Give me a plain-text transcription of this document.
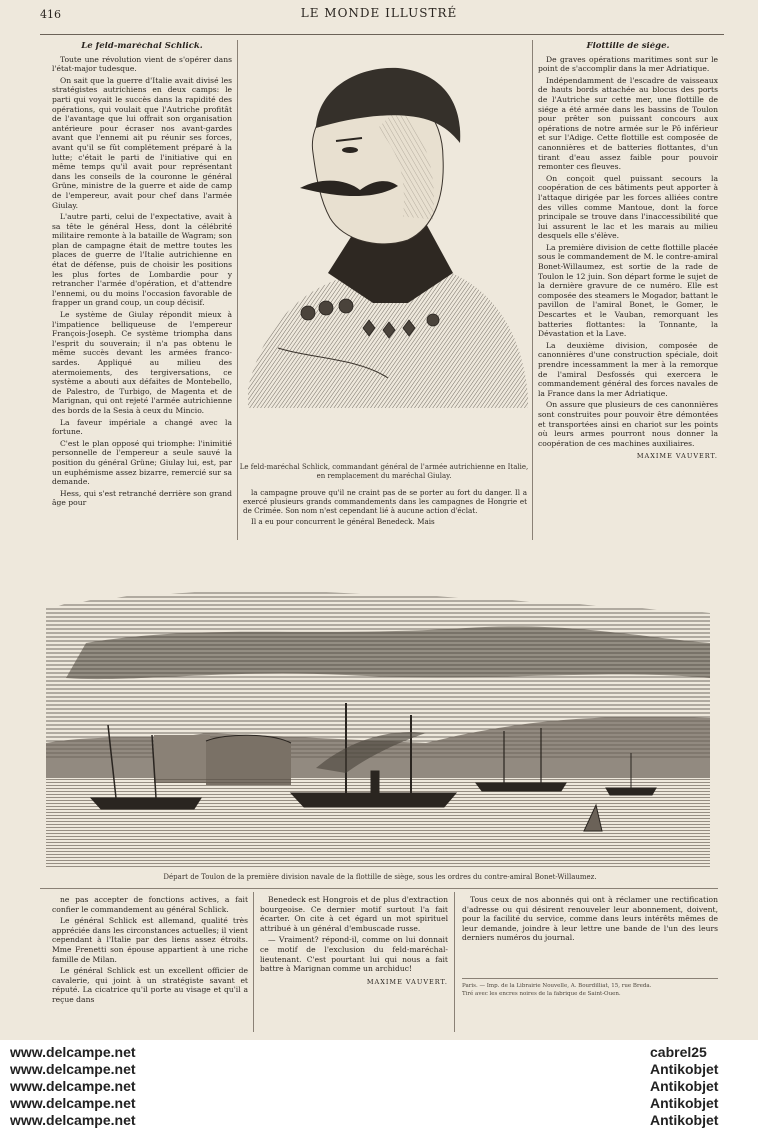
416	LE MONDE ILLUSTRÉ
Le feld-maréchal Schlick.

Toute une révolution vient de s'opérer dans l'état-major tudesque.

On sait que la guerre d'Italie avait divisé les stratégistes autrichiens en deux camps: le parti qui voyait le succès dans la rapidité des opérations, qui voulait que l'Autriche profitât de l'avantage que lui offrait son organisation antérieure pour écraser nos avant-gardes avant que l'ennemi ait pu réunir ses forces, avant qu'il se fût complétement préparé à la lutte; c'était le parti de l'initiative qui en même temps qu'il avait pour représentant dans les conseils de la couronne le général Grüne, ministre de la guerre et aide de camp de l'empereur, avait pour chef dans l'armée Giulay.

L'autre parti, celui de l'expectative, avait à sa tête le général Hess, dont la célébrité militaire remonte à la bataille de Wagram; son plan de campagne était de mettre toutes les places de guerre de l'Italie autrichienne en état de défense, puis de choisir les positions les plus fortes de Lombardie pour y retrancher l'armée d'opération, et d'attendre l'ennemi, ou du moins l'occasion favorable de frapper un grand coup, un coup décisif.

Le système de Giulay répondit mieux à l'impatience belliqueuse de l'empereur François-Joseph. Ce système triompha dans l'esprit du souverain; il n'a pas obtenu le même succès devant les armées franco-sardes. Appliqué au milieu des atermoiements, des tergiversations, ce système a abouti aux défaites de Montebello, de Palestro, de Turbigo, de Magenta et de Marignan, qui ont rejeté l'armée autrichienne des bords de la Sesia à ceux du Mincio.

La faveur impériale a changé avec la fortune.

C'est le plan opposé qui triomphe: l'inimitié personnelle de l'empereur a seule sauvé la position du général Grüne; Giulay lui, est, par un euphémisme assez bizarre, remercié sur sa demande.

Hess, qui s'est retranché derrière son grand âge pour

Le feld-maréchal Schlick, commandant général de l'armée autrichienne en Italie, en remplacement du maréchal Giulay.

la campagne prouve qu'il ne craint pas de se porter au fort du danger. Il a exercé plusieurs grands commandements dans les campagnes de Hongrie et de Crimée. Son nom n'est cependant lié à aucune action d'éclat.

Il a eu pour concurrent le général Benedeck. Mais

Flottille de siége.

De graves opérations maritimes sont sur le point de s'accomplir dans la mer Adriatique.

Indépendamment de l'escadre de vaisseaux de hauts bords attachée au blocus des ports de l'Autriche sur cette mer, une flottille de siége a été armée dans les bassins de Toulon pour prêter son puissant concours aux opérations de notre armée sur le Pô inférieur et sur l'Adige. Cette flottille est composée de canonnières et de batteries flottantes, d'un tirant d'eau assez faible pour pouvoir remonter ces fleuves.

On conçoit quel puissant secours la coopération de ces bâtiments peut apporter à l'attaque dirigée par les forces alliées contre des villes comme Mantoue, dont la force principale se trouve dans l'inaccessibilité que lui assurent le lac et les marais au milieu desquels elle s'élève.

La première division de cette flottille placée sous le commandement de M. le contre-amiral Bonet-Willaumez, est sortie de la rade de Toulon le 12 juin. Son départ forme le sujet de la dernière gravure de ce numéro. Elle est composée des steamers le Mogador, battant le pavillon de l'amiral Bonet, le Gomer, le Descartes et le Vauban, remorquant les batteries flottantes: la Tonnante, la Dévastation et la Lave.

La deuxième division, composée de canonnières d'une construction spéciale, doit prendre incessamment la mer à la remorque de l'amiral Desfossés qui exercera le commandement général des forces navales de la France dans la mer Adriatique.

On assure que plusieurs de ces canonnières sont construites pour pouvoir être démontées et transportées ainsi en chariot sur les points où leurs armes pourront nous donner la coopération de ces machines auxiliaires.

MAXIME VAUVERT.
Départ de Toulon de la première division navale de la flottille de siège, sous les ordres du contre-amiral Bonet-Willaumez.

ne pas accepter de fonctions actives, a fait confier le commandement au général Schlick.

Le général Schlick est allemand, qualité très appréciée dans les circonstances actuelles; il vient cependant à l'Italie par des liens assez étroits. Mme Frenetti son épouse appartient à une riche famille de Milan.

Le général Schlick est un excellent officier de cavalerie, qui joint à un stratégiste savant et réputé. La cicatrice qu'il porte au visage et qu'il a reçue dans

Benedeck est Hongrois et de plus d'extraction bourgeoise. Ce dernier motif surtout l'a fait écarter. On cite à cet égard un mot spirituel attribué à un général d'embuscade russe.

— Vraiment? répond-il, comme on lui donnait ce motif de l'exclusion du feld-maréchal-lieutenant. C'est pourtant lui qui nous a fait battre à Marignan comme un archiduc!

MAXIME VAUVERT.

Tous ceux de nos abonnés qui ont à réclamer une rectification d'adresse ou qui désirent renouveler leur abonnement, doivent, pour la facilité du service, comme dans leurs intérêts mêmes de leur demande, joindre à leur lettre une bande de l'un des leurs derniers numéros du journal.

Paris. — Imp. de la Librairie Nouvelle, A. Bourdilliat, 15, rue Breda.
Tiré avec les encres noires de la fabrique de Saint-Ouen.
www.delcampe.net
www.delcampe.net
www.delcampe.net
www.delcampe.net
www.delcampe.net
cabrel25
Antikobjet
Antikobjet
Antikobjet
Antikobjet
